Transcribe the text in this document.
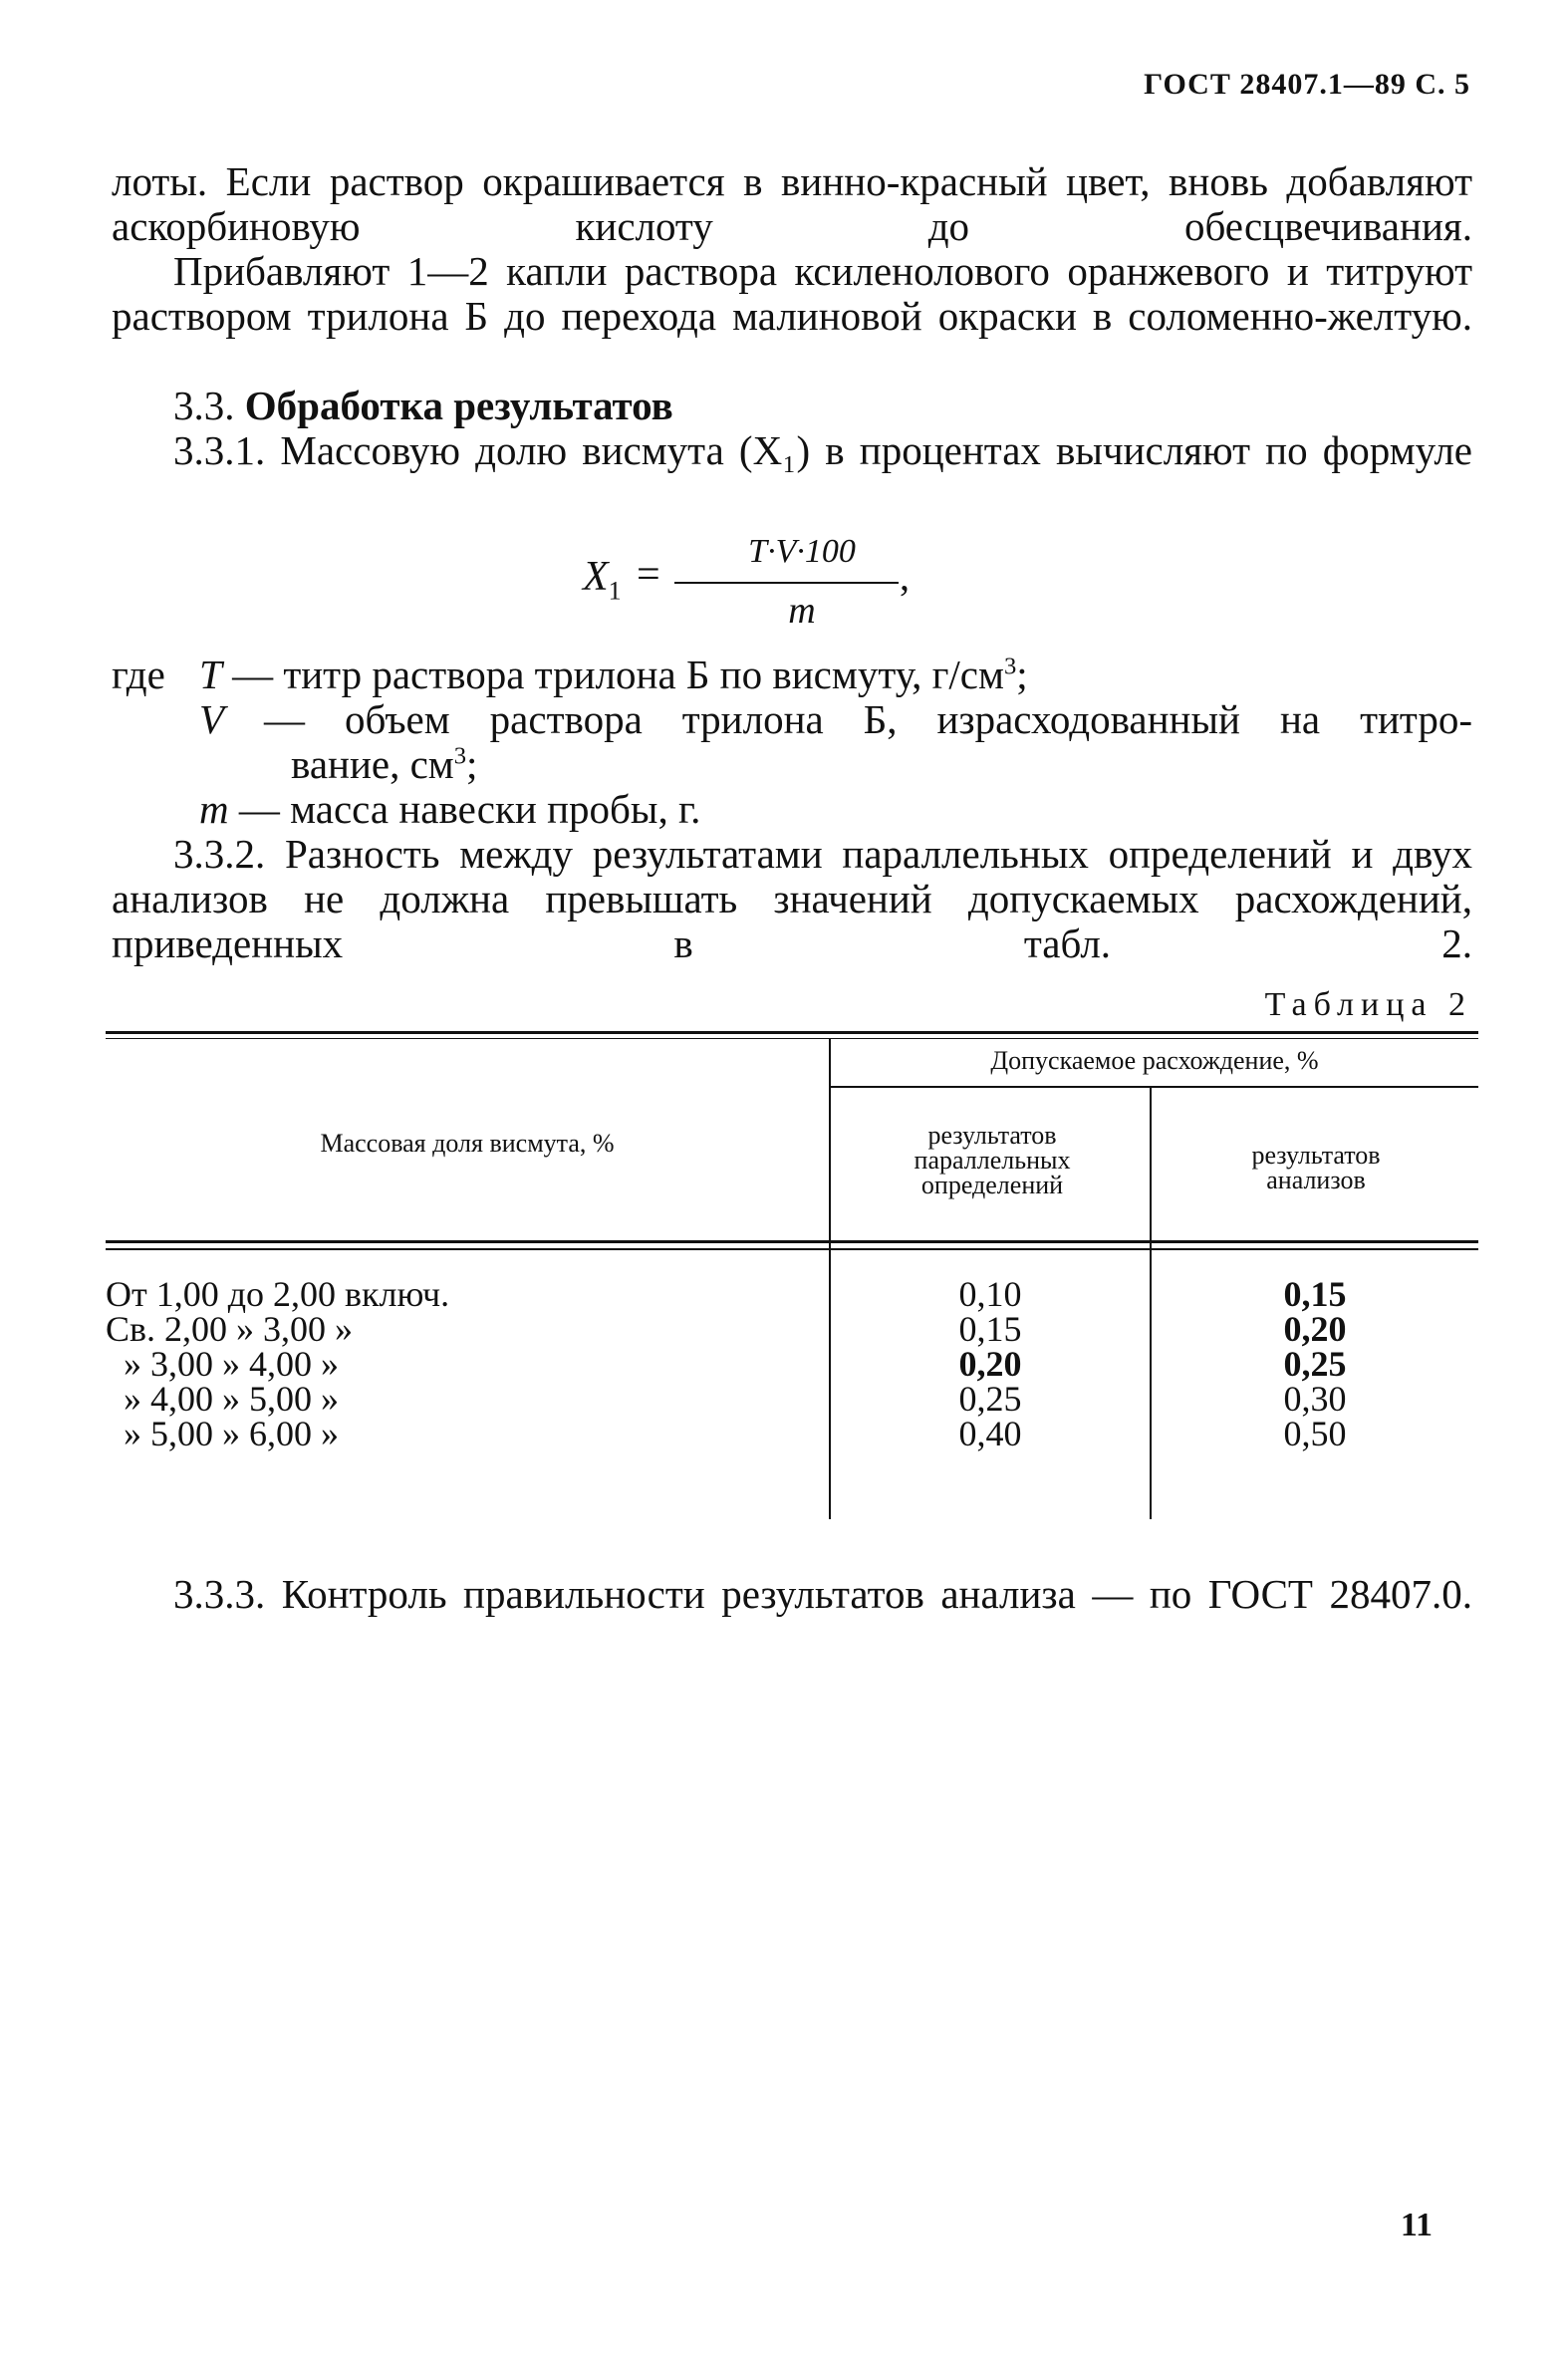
ГОСТ 28407.1—89 С. 5

лоты. Если раствор окрашивается в винно-красный цвет, вновь добавляют аскорбиновую кислоту до обесцвечивания.

Прибавляют 1—2 капли раствора ксиленолового оранжевого и титруют раствором трилона Б до перехода малиновой окраски в соломенно-желтую.

3.3. Обработка результатов

3.3.1. Массовую долю висмута (X₁) в процентах вычисляют по формуле

$X_1$ =
T·V·100
m
,
где T — титр раствора трилона Б по висмуту, $г/см^3$;
V — объем раствора трилона Б, израсходованный на титро-
вание, $см^3$;
m — масса навески пробы, г.

3.3.2. Разность между результатами параллельных определений и двух анализов не должна превышать значений допускаемых расхождений, приведенных в табл. 2.

Таблица 2
Массовая доля висмута, %
Допускаемое расхождение, %
результатов параллельных определений
результатов анализов
От 1,00 до 2,00 включ.	0,10	0,15
Св. 2,00 » 3,00 »	0,15	0,20
» 3,00 » 4,00 »	0,20	0,25
» 4,00 » 5,00 »	0,25	0,30
» 5,00 » 6,00 »	0,40	0,50

3.3.3. Контроль правильности результатов анализа — по ГОСТ 28407.0.

11
